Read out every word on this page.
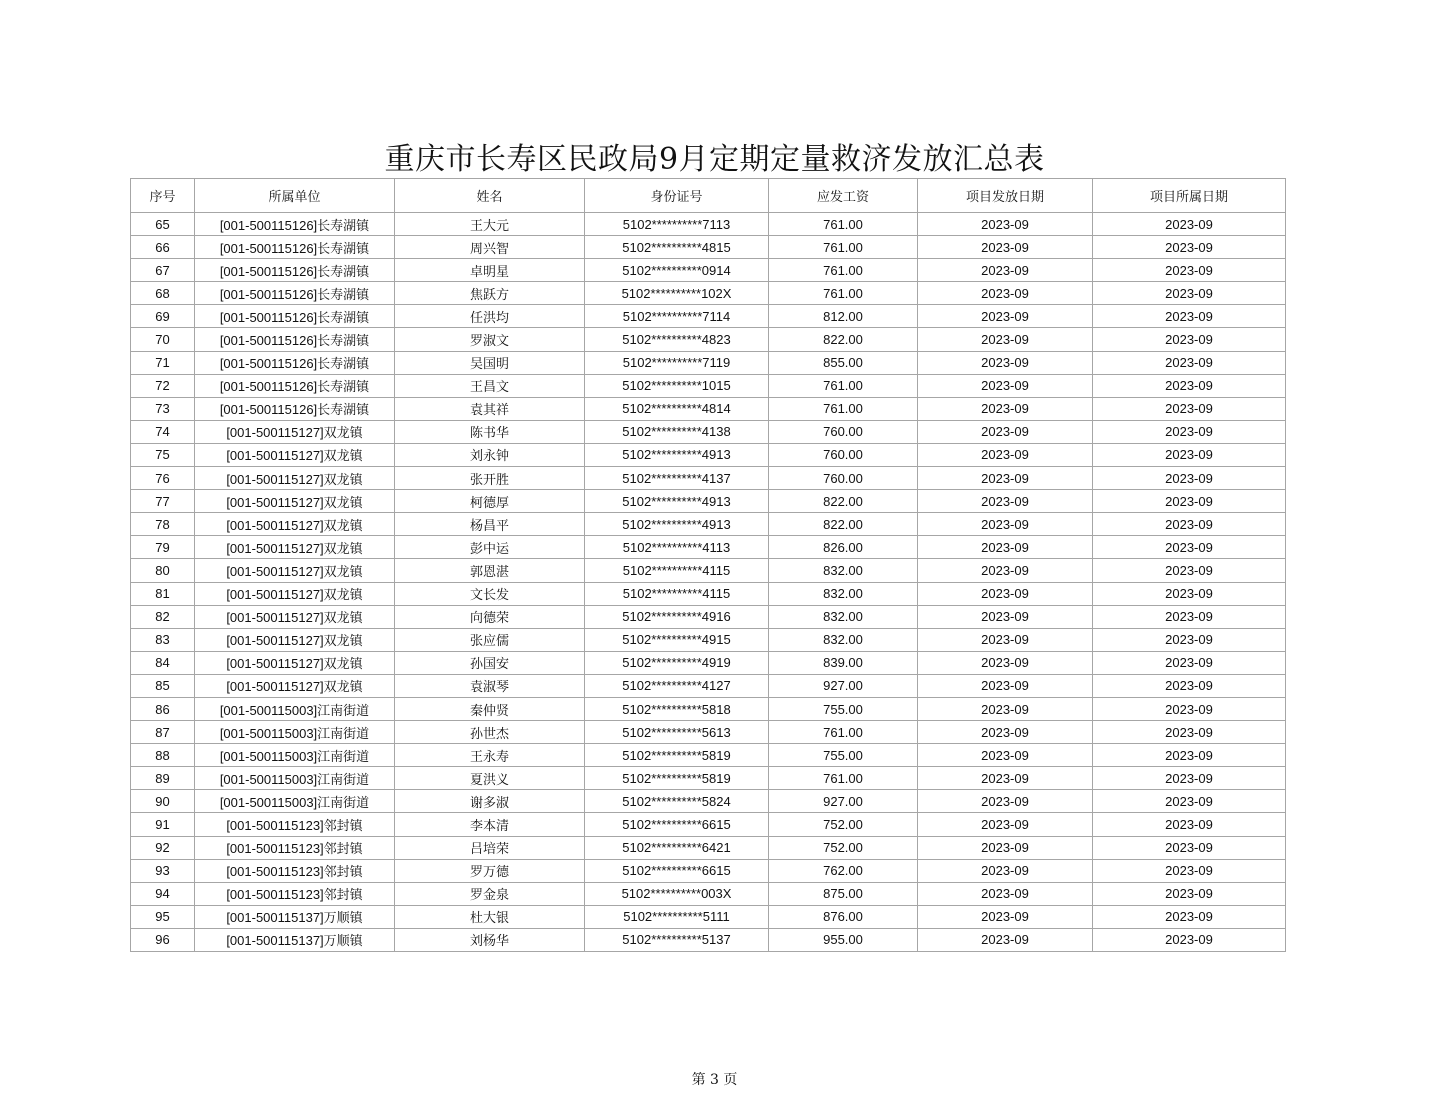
重庆市长寿区民政局9月定期定量救济发放汇总表
序号	所属单位	姓名	身份证号	应发工资	项目发放日期	项目所属日期
65	[001-500115126]长寿湖镇	王大元	5102**********7113	761.00	2023-09	2023-09
66	[001-500115126]长寿湖镇	周兴智	5102**********4815	761.00	2023-09	2023-09
67	[001-500115126]长寿湖镇	卓明星	5102**********0914	761.00	2023-09	2023-09
68	[001-500115126]长寿湖镇	焦跃方	5102**********102X	761.00	2023-09	2023-09
69	[001-500115126]长寿湖镇	任洪均	5102**********7114	812.00	2023-09	2023-09
70	[001-500115126]长寿湖镇	罗淑文	5102**********4823	822.00	2023-09	2023-09
71	[001-500115126]长寿湖镇	吴国明	5102**********7119	855.00	2023-09	2023-09
72	[001-500115126]长寿湖镇	王昌文	5102**********1015	761.00	2023-09	2023-09
73	[001-500115126]长寿湖镇	袁其祥	5102**********4814	761.00	2023-09	2023-09
74	[001-500115127]双龙镇	陈书华	5102**********4138	760.00	2023-09	2023-09
75	[001-500115127]双龙镇	刘永钟	5102**********4913	760.00	2023-09	2023-09
76	[001-500115127]双龙镇	张开胜	5102**********4137	760.00	2023-09	2023-09
77	[001-500115127]双龙镇	柯德厚	5102**********4913	822.00	2023-09	2023-09
78	[001-500115127]双龙镇	杨昌平	5102**********4913	822.00	2023-09	2023-09
79	[001-500115127]双龙镇	彭中运	5102**********4113	826.00	2023-09	2023-09
80	[001-500115127]双龙镇	郭恩湛	5102**********4115	832.00	2023-09	2023-09
81	[001-500115127]双龙镇	文长发	5102**********4115	832.00	2023-09	2023-09
82	[001-500115127]双龙镇	向德荣	5102**********4916	832.00	2023-09	2023-09
83	[001-500115127]双龙镇	张应儒	5102**********4915	832.00	2023-09	2023-09
84	[001-500115127]双龙镇	孙国安	5102**********4919	839.00	2023-09	2023-09
85	[001-500115127]双龙镇	袁淑琴	5102**********4127	927.00	2023-09	2023-09
86	[001-500115003]江南街道	秦仲贤	5102**********5818	755.00	2023-09	2023-09
87	[001-500115003]江南街道	孙世杰	5102**********5613	761.00	2023-09	2023-09
88	[001-500115003]江南街道	王永寿	5102**********5819	755.00	2023-09	2023-09
89	[001-500115003]江南街道	夏洪义	5102**********5819	761.00	2023-09	2023-09
90	[001-500115003]江南街道	谢多淑	5102**********5824	927.00	2023-09	2023-09
91	[001-500115123]邻封镇	李本清	5102**********6615	752.00	2023-09	2023-09
92	[001-500115123]邻封镇	吕培荣	5102**********6421	752.00	2023-09	2023-09
93	[001-500115123]邻封镇	罗万德	5102**********6615	762.00	2023-09	2023-09
94	[001-500115123]邻封镇	罗金泉	5102**********003X	875.00	2023-09	2023-09
95	[001-500115137]万顺镇	杜大银	5102**********5111	876.00	2023-09	2023-09
96	[001-500115137]万顺镇	刘杨华	5102**********5137	955.00	2023-09	2023-09
第 3 页
